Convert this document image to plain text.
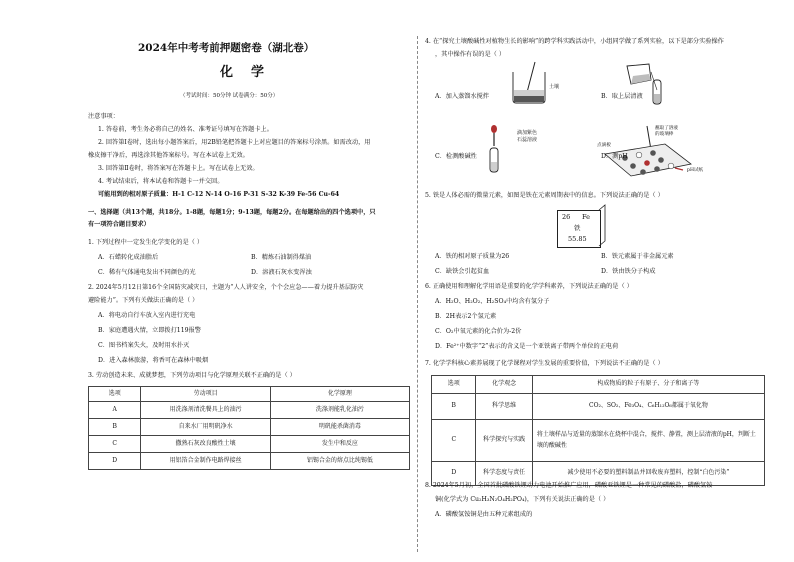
2024年中考考前押题密卷（湖北卷）
化学
（考试时间：50分钟 试卷满分：50分）
注意事项：
1. 答卷前，考生务必将自己的姓名、准考证号填写在答题卡上。
2. 回答第Ⅰ卷时，选出每小题答案后，用2B铅笔把答题卡上对应题目的答案标号涂黑。如需改动，用
橡皮擦干净后，再选涂其他答案标号。写在本试卷上无效。
3. 回答第Ⅱ卷时，将答案写在答题卡上。写在试卷上无效。
4. 考试结束后，将本试卷和答题卡一并交回。
可能用到的相对原子质量：H-1 C-12 N-14 O-16 P-31 S-32 K-39 Fe-56 Cu-64
一、选择题（共13个题，共18分。1-8题，每题1分；9-13题，每题2分。在每题给出的四个选项中，只
有一项符合题目要求）
1. 下列过程中一定发生化学变化的是（ ）
A．石蜡转化成油脂后	B．精炼石油制得煤油
C．稀有气体通电发出不同颜色的光	D．溶液石灰水变浑浊
2. 2024年5月12日第16个全国防灾减灾日，主题为“人人讲安全，个个会应急——着力提升基层防灾
避险能力”。下列有关做法正确的是（ ）
A．将电动自行车放入室内进行充电
B．家庭遭遇火情，立即拨打119报警
C．图书档案失火，及时用水扑灭
D．进入森林旅游，将香可在森林中吸烟
3. 劳动创造未来、成就梦想，下列劳动项目与化学原理关联不正确的是（ ）
选项	劳动项目	化学原理
A	用洗涤剂清洗餐具上的油污	洗涤剂能乳化油污
B	自来水厂用明矾净水	明矾能杀菌消毒
C	撒熟石灰改良酸性土壤	发生中和反应
D	用铝箔合金制作电路焊接丝	铝锡合金的熔点比纯锡低
4. 在“探究土壤酸碱性对植物生长的影响”的跨学科实践活动中，小组同学做了系列实验，以下是部分实验操作
，其中操作有误的是（ ）
土壤
A．加入蒸馏水搅拌	B．取上层清液
滴加紫色
石蕊溶液
C．检测酸碱性
点滴板
蘸取了溶液
的玻璃棒
pH试纸
D．测pH
5. 铁是人体必需的微量元素，如图是铁在元素周期表中的信息。下列说法正确的是（ ）
26 Fe
铁
55.85
A．铁的相对原子质量为26	B．铁元素属于非金属元素
C．缺铁会引起贫血	D．铁由铁分子构成
6. 正确使用和理解化学用语是重要的化学学科素养，下列说法正确的是（ ）
A．H₂O、H₂O₂、H₂SO₄中均含有氢分子
B．2H表示2个氢元素
C．O₂中氧元素的化合价为-2价
D．Fe²⁺中数字“2”表示的含义是一个亚铁离子带两个单位的正电荷
7. 化学学科核心素养展现了化学课程对学生发展的重要价值，下列说法不正确的是（ ）
选项	化学观念	构成物质的粒子有原子、分子和离子等
B	科学思维	CO₂、SO₂、Fe₃O₄、C₆H₁₂O₆都属于氧化物
C	科学探究与实践	将土壤样品与适量的蒸馏水在烧杯中混合，搅拌、静置，测上层清液的pH，判断土壤的酸碱性
D	科学态度与责任	减少使用不必要的塑料制品并回收废弃塑料，控制“白色污染”
8. 2024年5月初，全国首批磷酸铁锂动力电池开始推广应用，磷酸亚铁锂是一种常见的磷酸盐，磷酸氢铵
铜(化学式为 Cu₂H₃N₂O₄H₂PO₄)，下列有关说法正确的是（ ）
A．磷酸氢铵铜是由五种元素组成的
